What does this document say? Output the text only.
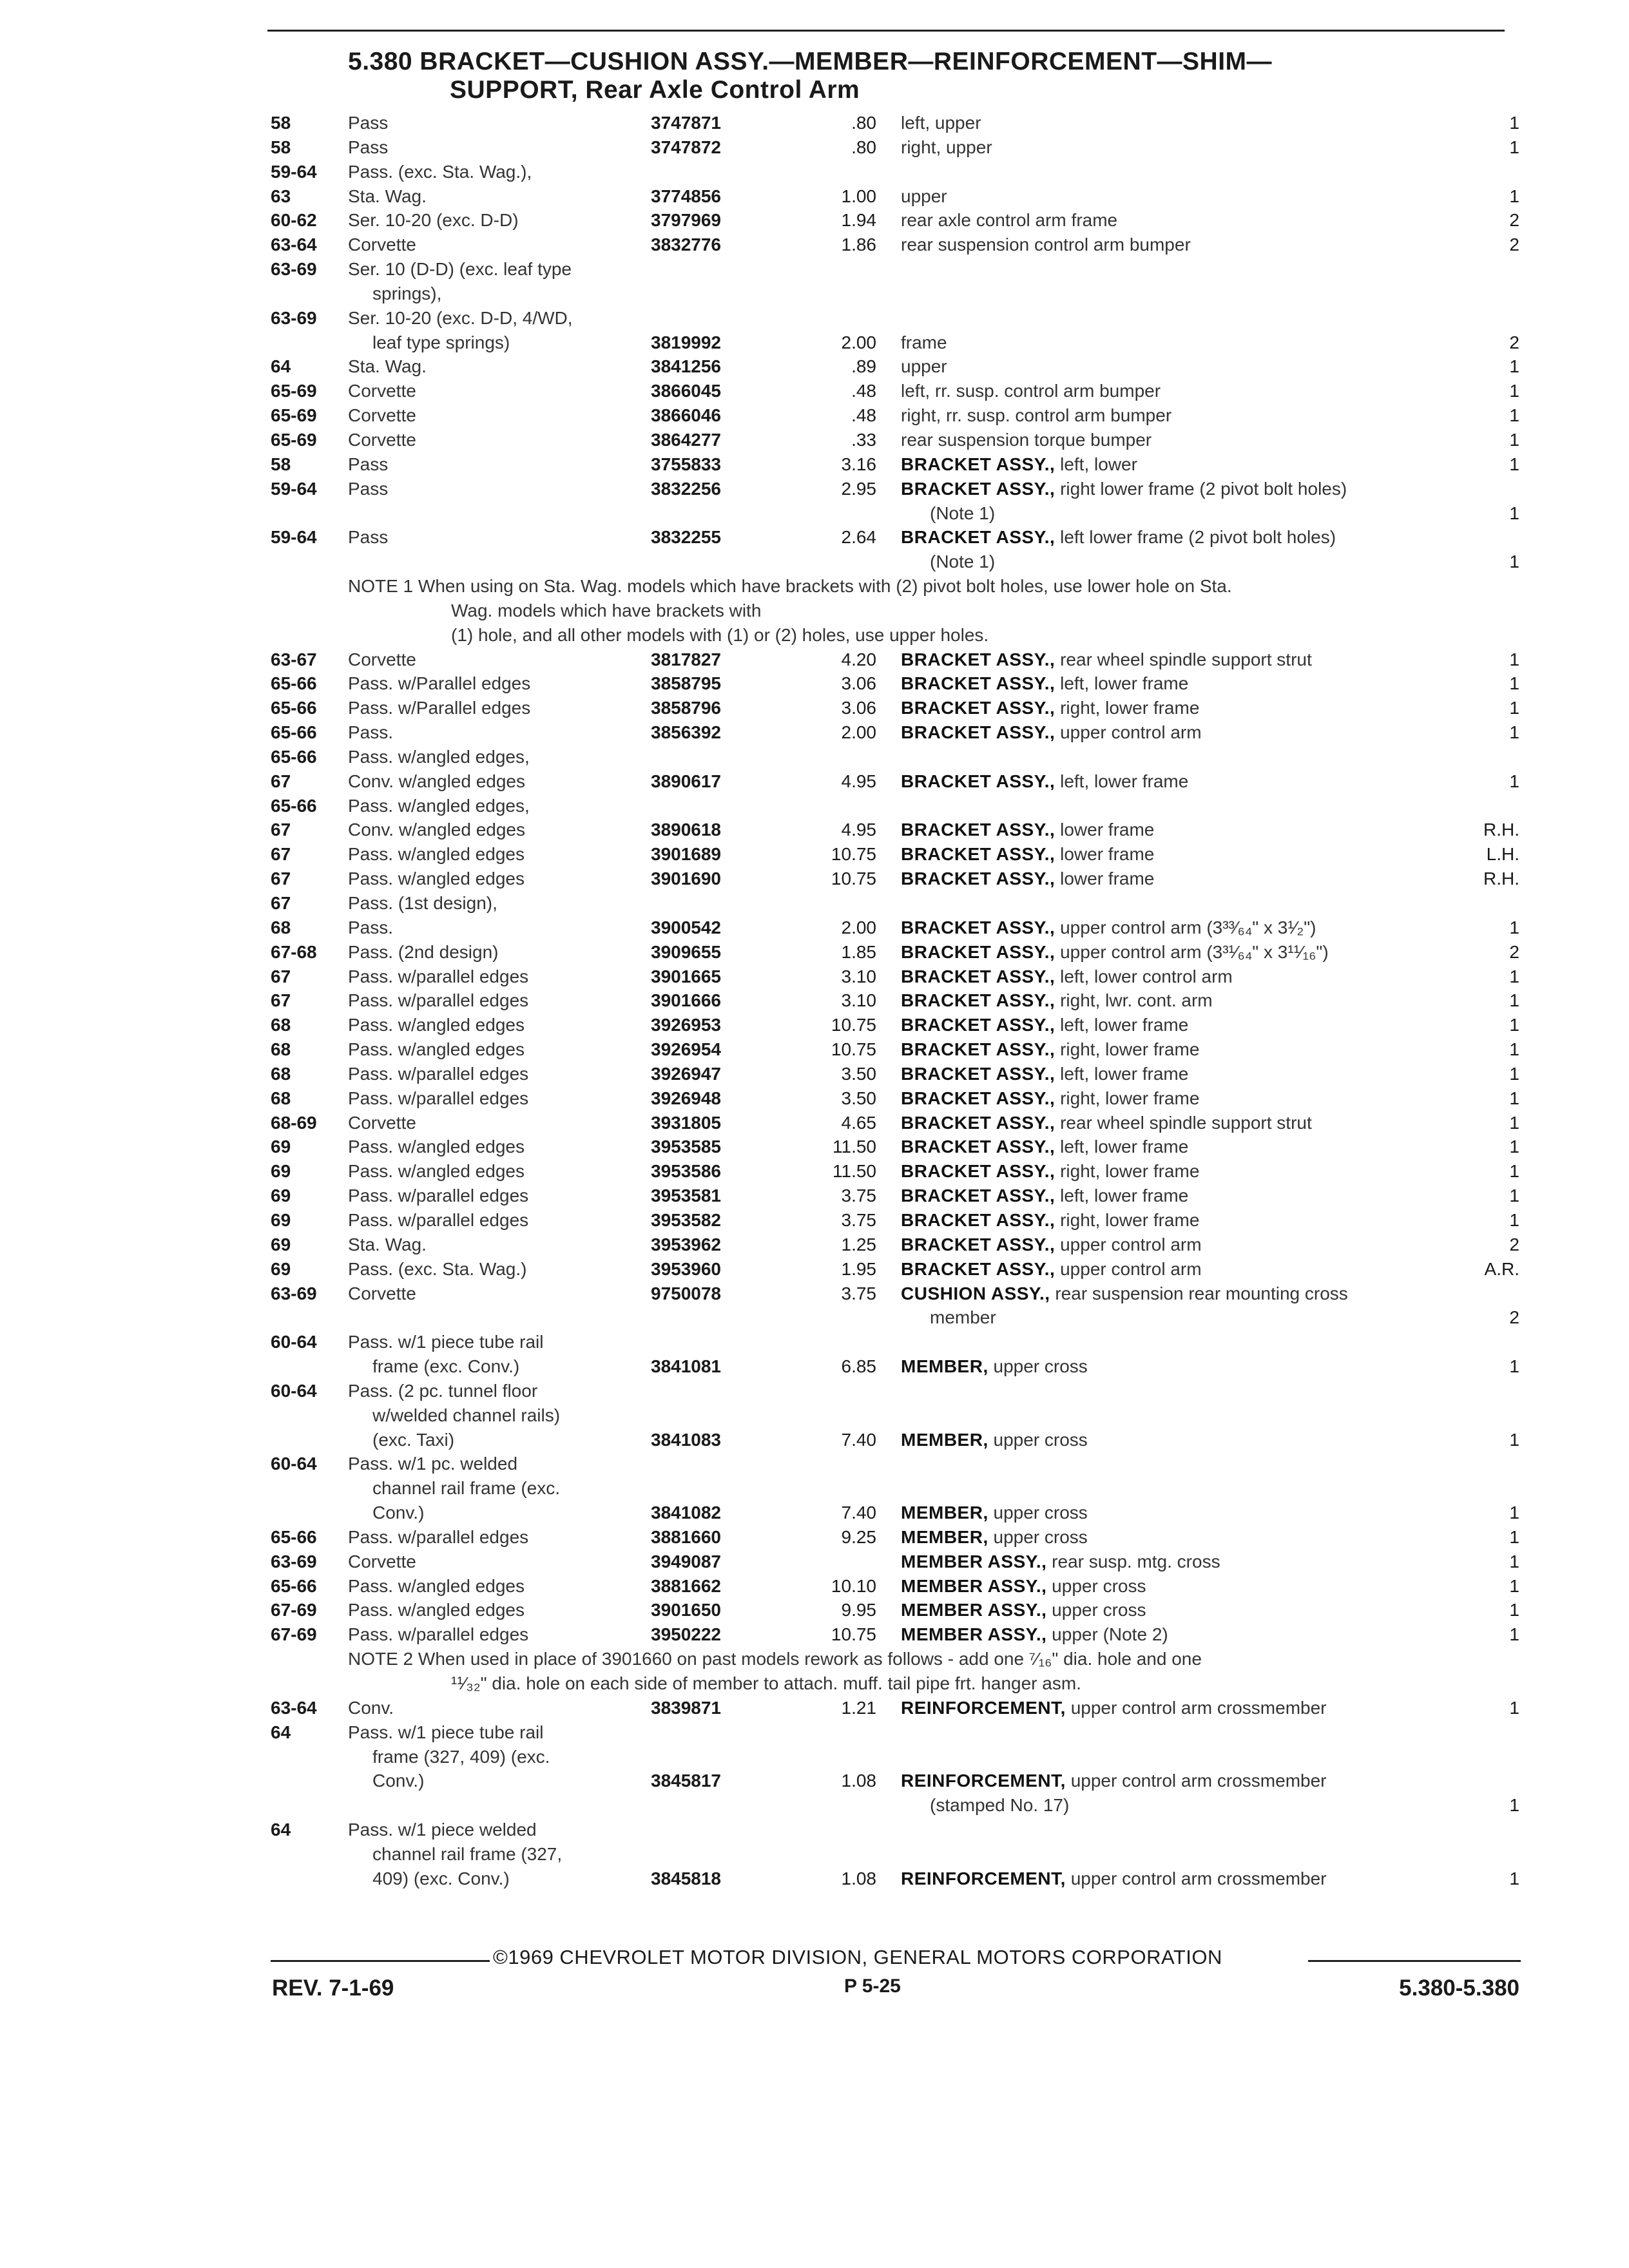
5.380 BRACKET—CUSHION ASSY.—MEMBER—REINFORCEMENT—SHIM—
SUPPORT, Rear Axle Control Arm
58	Pass	3747871	.80 left, upper	1
58	Pass	3747872	.80 right, upper	1
59-64 Pass. (exc. Sta. Wag.),
63	Sta. Wag.	3774856	1.00 upper	1
60-62 Ser. 10-20 (exc. D-D)	3797969	1.94 rear axle control arm frame	2
63-64 Corvette	3832776	1.86 rear suspension control arm bumper	2
63-69 Ser. 10 (D-D) (exc. leaf type
springs),
63-69 Ser. 10-20 (exc. D-D, 4/WD,
leaf type springs)	3819992	2.00 frame	2
64	Sta. Wag.	3841256	.89 upper	1
65-69 Corvette	3866045	.48 left, rr. susp. control arm bumper	1
65-69 Corvette	3866046	.48 right, rr. susp. control arm bumper	1
65-69 Corvette	3864277	.33 rear suspension torque bumper	1
58	Pass	3755833	3.16 BRACKET ASSY., left, lower	1
59-64 Pass	3832256	2.95 BRACKET ASSY., right lower frame (2 pivot bolt holes)
(Note 1)	1
59-64 Pass	3832255	2.64 BRACKET ASSY., left lower frame (2 pivot bolt holes)
(Note 1)	1
NOTE 1 When using on Sta. Wag. models which have brackets with (2) pivot bolt holes, use lower hole on Sta.
Wag. models which have brackets with
(1) hole, and all other models with (1) or (2) holes, use upper holes.
63-67 Corvette	3817827	4.20 BRACKET ASSY., rear wheel spindle support strut	1
65-66 Pass. w/Parallel edges	3858795	3.06 BRACKET ASSY., left, lower frame	1
65-66 Pass. w/Parallel edges	3858796	3.06 BRACKET ASSY., right, lower frame	1
65-66 Pass.	3856392	2.00 BRACKET ASSY., upper control arm	1
65-66 Pass. w/angled edges,
67	Conv. w/angled edges	3890617	4.95 BRACKET ASSY., left, lower frame	1
65-66 Pass. w/angled edges,
67	Conv. w/angled edges	3890618	4.95 BRACKET ASSY., lower frame	R.H.
67	Pass. w/angled edges	3901689	10.75 BRACKET ASSY., lower frame	L.H.
67	Pass. w/angled edges	3901690	10.75 BRACKET ASSY., lower frame	R.H.
67	Pass. (1st design),
68	Pass.	3900542	2.00 BRACKET ASSY., upper control arm (3³³⁄₆₄" x 3¹⁄₂")	1
67-68 Pass. (2nd design)	3909655	1.85 BRACKET ASSY., upper control arm (3³¹⁄₆₄" x 3¹¹⁄₁₆")	2
67	Pass. w/parallel edges	3901665	3.10 BRACKET ASSY., left, lower control arm	1
67	Pass. w/parallel edges	3901666	3.10 BRACKET ASSY., right, lwr. cont. arm	1
68	Pass. w/angled edges	3926953	10.75 BRACKET ASSY., left, lower frame	1
68	Pass. w/angled edges	3926954	10.75 BRACKET ASSY., right, lower frame	1
68	Pass. w/parallel edges	3926947	3.50 BRACKET ASSY., left, lower frame	1
68	Pass. w/parallel edges	3926948	3.50 BRACKET ASSY., right, lower frame	1
68-69 Corvette	3931805	4.65 BRACKET ASSY., rear wheel spindle support strut	1
69	Pass. w/angled edges	3953585	11.50 BRACKET ASSY., left, lower frame	1
69	Pass. w/angled edges	3953586	11.50 BRACKET ASSY., right, lower frame	1
69	Pass. w/parallel edges	3953581	3.75 BRACKET ASSY., left, lower frame	1
69	Pass. w/parallel edges	3953582	3.75 BRACKET ASSY., right, lower frame	1
69	Sta. Wag.	3953962	1.25 BRACKET ASSY., upper control arm	2
69	Pass. (exc. Sta. Wag.)	3953960	1.95 BRACKET ASSY., upper control arm	A.R.
63-69 Corvette	9750078	3.75 CUSHION ASSY., rear suspension rear mounting cross
member	2
60-64 Pass. w/1 piece tube rail
frame (exc. Conv.)	3841081	6.85 MEMBER, upper cross	1
60-64 Pass. (2 pc. tunnel floor
w/welded channel rails)
(exc. Taxi)	3841083	7.40 MEMBER, upper cross	1
60-64 Pass. w/1 pc. welded
channel rail frame (exc.
Conv.)	3841082	7.40 MEMBER, upper cross	1
65-66 Pass. w/parallel edges	3881660	9.25 MEMBER, upper cross	1
63-69 Corvette	3949087	MEMBER ASSY., rear susp. mtg. cross	1
65-66 Pass. w/angled edges	3881662	10.10 MEMBER ASSY., upper cross	1
67-69 Pass. w/angled edges	3901650	9.95 MEMBER ASSY., upper cross	1
67-69 Pass. w/parallel edges	3950222	10.75 MEMBER ASSY., upper (Note 2)	1
NOTE 2 When used in place of 3901660 on past models rework as follows - add one ⁷⁄₁₆" dia. hole and one
¹¹⁄₃₂" dia. hole on each side of member to attach. muff. tail pipe frt. hanger asm.
63-64 Conv.	3839871	1.21 REINFORCEMENT, upper control arm crossmember	1
64	Pass. w/1 piece tube rail
frame (327, 409) (exc.
Conv.)	3845817	1.08 REINFORCEMENT, upper control arm crossmember
(stamped No. 17)	1
64	Pass. w/1 piece welded
channel rail frame (327,
409) (exc. Conv.)	3845818	1.08 REINFORCEMENT, upper control arm crossmember	1
©1969 CHEVROLET MOTOR DIVISION, GENERAL MOTORS CORPORATION
REV. 7-1-69	P 5-25	5.380-5.380
